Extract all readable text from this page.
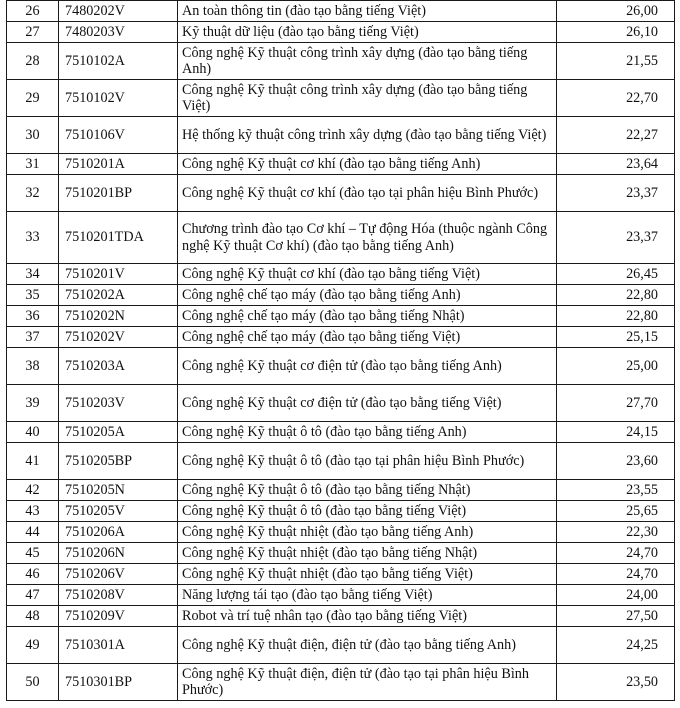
26	7480202V	An toàn thông tin (đào tạo bằng tiếng Việt)	26,00
27	7480203V	Kỹ thuật dữ liệu (đào tạo bằng tiếng Việt)	26,10
28	7510102A	Công nghệ Kỹ thuật công trình xây dựng (đào tạo bằng tiếng Anh)	21,55
29	7510102V	Công nghệ Kỹ thuật công trình xây dựng (đào tạo bằng tiếng Việt)	22,70
30	7510106V	Hệ thống kỹ thuật công trình xây dựng (đào tạo bằng tiếng Việt)	22,27
31	7510201A	Công nghệ Kỹ thuật cơ khí (đào tạo bằng tiếng Anh)	23,64
32	7510201BP	Công nghệ Kỹ thuật cơ khí (đào tạo tại phân hiệu Bình Phước)	23,37
33	7510201TDA	Chương trình đào tạo Cơ khí – Tự động Hóa (thuộc ngành Công nghệ Kỹ thuật Cơ khí) (đào tạo bằng tiếng Anh)	23,37
34	7510201V	Công nghệ Kỹ thuật cơ khí (đào tạo bằng tiếng Việt)	26,45
35	7510202A	Công nghệ chế tạo máy (đào tạo bằng tiếng Anh)	22,80
36	7510202N	Công nghệ chế tạo máy (đào tạo bằng tiếng Nhật)	22,80
37	7510202V	Công nghệ chế tạo máy (đào tạo bằng tiếng Việt)	25,15
38	7510203A	Công nghệ Kỹ thuật cơ điện tử (đào tạo bằng tiếng Anh)	25,00
39	7510203V	Công nghệ Kỹ thuật cơ điện tử (đào tạo bằng tiếng Việt)	27,70
40	7510205A	Công nghệ Kỹ thuật ô tô (đào tạo bằng tiếng Anh)	24,15
41	7510205BP	Công nghệ Kỹ thuật ô tô (đào tạo tại phân hiệu Bình Phước)	23,60
42	7510205N	Công nghệ Kỹ thuật ô tô (đào tạo bằng tiếng Nhật)	23,55
43	7510205V	Công nghệ Kỹ thuật ô tô (đào tạo bằng tiếng Việt)	25,65
44	7510206A	Công nghệ Kỹ thuật nhiệt (đào tạo bằng tiếng Anh)	22,30
45	7510206N	Công nghệ Kỹ thuật nhiệt (đào tạo bằng tiếng Nhật)	24,70
46	7510206V	Công nghệ Kỹ thuật nhiệt (đào tạo bằng tiếng Việt)	24,70
47	7510208V	Năng lượng tái tạo (đào tạo bằng tiếng Việt)	24,00
48	7510209V	Robot và trí tuệ nhân tạo (đào tạo bằng tiếng Việt)	27,50
49	7510301A	Công nghệ Kỹ thuật điện, điện tử (đào tạo bằng tiếng Anh)	24,25
50	7510301BP	Công nghệ Kỹ thuật điện, điện tử (đào tạo tại phân hiệu Bình Phước)	23,50
